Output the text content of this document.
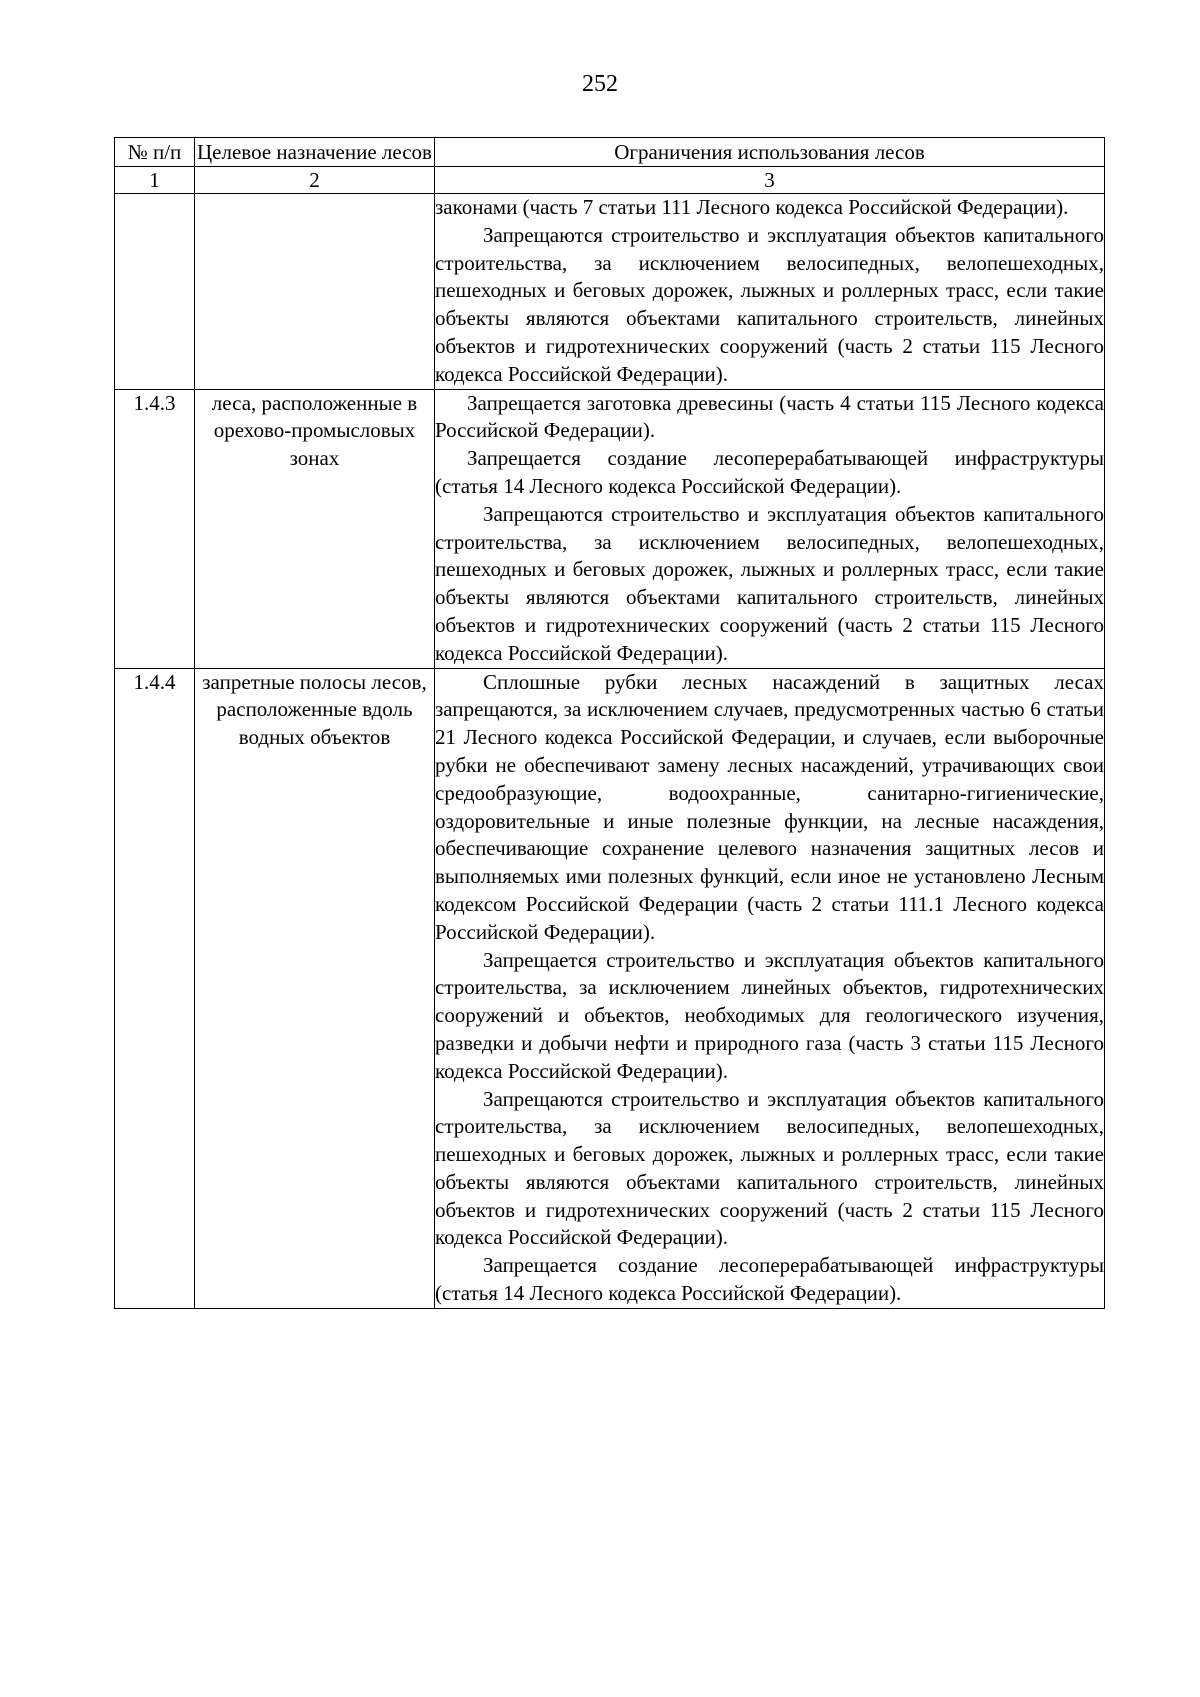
252
№ п/п	Целевое назначение лесов	Ограничения использования лесов
1	2	3

		законами (часть 7 статьи 111 Лесного кодекса Российской Федерации).

Запрещаются строительство и эксплуатация объектов капитального строительства, за исключением велосипедных, велопешеходных, пешеходных и беговых дорожек, лыжных и роллерных трасс, если такие объекты являются объектами капитального строительств, линейных объектов и гидротехнических сооружений (часть 2 статьи 115 Лесного кодекса Российской Федерации).

1.4.3	леса, расположенные в орехово-промысловых зонах	Запрещается заготовка древесины (часть 4 статьи 115 Лесного кодекса Российской Федерации).

Запрещается создание лесоперерабатывающей инфраструктуры (статья 14 Лесного кодекса Российской Федерации).

Запрещаются строительство и эксплуатация объектов капитального строительства, за исключением велосипедных, велопешеходных, пешеходных и беговых дорожек, лыжных и роллерных трасс, если такие объекты являются объектами капитального строительств, линейных объектов и гидротехнических сооружений (часть 2 статьи 115 Лесного кодекса Российской Федерации).

1.4.4	запретные полосы лесов, расположенные вдоль водных объектов	Сплошные рубки лесных насаждений в защитных лесах запрещаются, за исключением случаев, предусмотренных частью 6 статьи 21 Лесного кодекса Российской Федерации, и случаев, если выборочные рубки не обеспечивают замену лесных насаждений, утрачивающих свои средообразующие, водоохранные, санитарно-гигиенические, оздоровительные и иные полезные функции, на лесные насаждения, обеспечивающие сохранение целевого назначения защитных лесов и выполняемых ими полезных функций, если иное не установлено Лесным кодексом Российской Федерации (часть 2 статьи 111.1 Лесного кодекса Российской Федерации).

Запрещается строительство и эксплуатация объектов капитального строительства, за исключением линейных объектов, гидротехнических сооружений и объектов, необходимых для геологического изучения, разведки и добычи нефти и природного газа (часть 3 статьи 115 Лесного кодекса Российской Федерации).

Запрещаются строительство и эксплуатация объектов капитального строительства, за исключением велосипедных, велопешеходных, пешеходных и беговых дорожек, лыжных и роллерных трасс, если такие объекты являются объектами капитального строительств, линейных объектов и гидротехнических сооружений (часть 2 статьи 115 Лесного кодекса Российской Федерации).

Запрещается создание лесоперерабатывающей инфраструктуры (статья 14 Лесного кодекса Российской Федерации).
